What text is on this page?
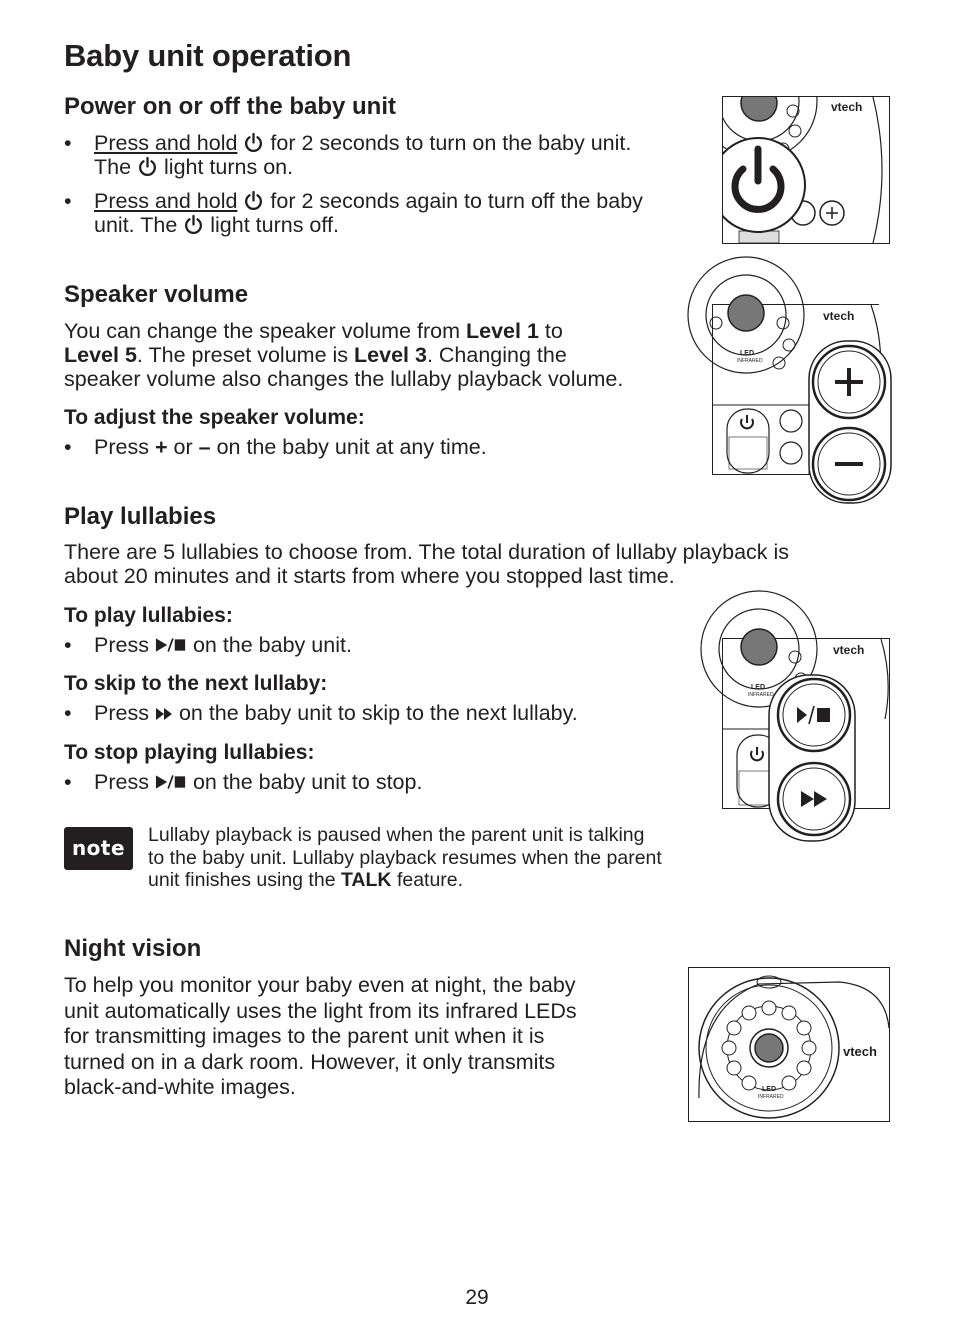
Baby unit operation
Power on or off the baby unit

• Press and hold for 2 seconds to turn on the baby unit.
The light turns on.

• Press and hold for 2 seconds again to turn off the baby
unit. The light turns off.

vtech
Speaker volume

You can change the speaker volume from Level 1 to
Level 5. The preset volume is Level 3. Changing the
speaker volume also changes the lullaby playback volume.

To adjust the speaker volume:

• Press + or – on the baby unit at any time.

vtech
LED
INFRARED
Play lullabies

There are 5 lullabies to choose from. The total duration of lullaby playback is
about 20 minutes and it starts from where you stopped last time.

To play lullabies:

• Press on the baby unit.

To skip to the next lullaby:

• Press on the baby unit to skip to the next lullaby.

To stop playing lullabies:

• Press on the baby unit to stop.

vtech
LED
INFRARED
note

Lullaby playback is paused when the parent unit is talking
to the baby unit. Lullaby playback resumes when the parent
unit finishes using the TALK feature.

Night vision

To help you monitor your baby even at night, the baby
unit automatically uses the light from its infrared LEDs
for transmitting images to the parent unit when it is
turned on in a dark room. However, it only transmits
black-and-white images.

vtech
LED
INFRARED
29
